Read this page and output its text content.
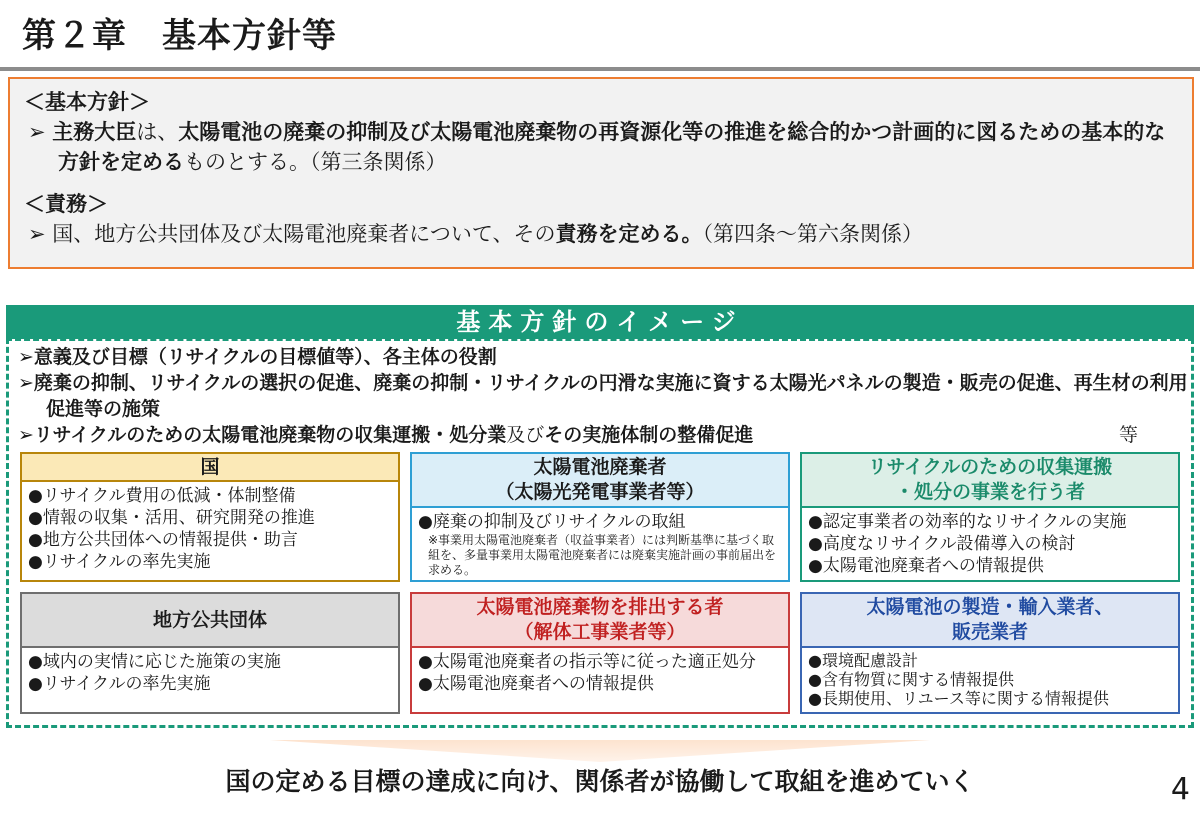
第２章　基本方針等
＜基本方針＞
➢ 主務大臣は、太陽電池の廃棄の抑制及び太陽電池廃棄物の再資源化等の推進を総合的かつ計画的に図るための基本的な方針を定めるものとする。（第三条関係）
＜責務＞
➢ 国、地方公共団体及び太陽電池廃棄者について、その責務を定める。（第四条～第六条関係）
基本方針のイメージ
➢意義及び目標（リサイクルの目標値等）、各主体の役割
➢廃棄の抑制、リサイクルの選択の促進、廃棄の抑制・リサイクルの円滑な実施に資する太陽光パネルの製造・販売の促進、再生材の利用促進等の施策
➢リサイクルのための太陽電池廃棄物の収集運搬・処分業及びその実施体制の整備促進	等
国
●リサイクル費用の低減・体制整備
●情報の収集・活用、研究開発の推進
●地方公共団体への情報提供・助言
●リサイクルの率先実施
太陽電池廃棄者
（太陽光発電事業者等）
●廃棄の抑制及びリサイクルの取組
※事業用太陽電池廃棄者（収益事業者）には判断基準に基づく取組を、多量事業用太陽電池廃棄者には廃棄実施計画の事前届出を求める。
リサイクルのための収集運搬
・処分の事業を行う者
●認定事業者の効率的なリサイクルの実施
●高度なリサイクル設備導入の検討
●太陽電池廃棄者への情報提供
地方公共団体
●域内の実情に応じた施策の実施
●リサイクルの率先実施
太陽電池廃棄物を排出する者
（解体工事業者等）
●太陽電池廃棄者の指示等に従った適正処分
●太陽電池廃棄者への情報提供
太陽電池の製造・輸入業者、
販売業者
●環境配慮設計
●含有物質に関する情報提供
●長期使用、リユース等に関する情報提供
国の定める目標の達成に向け、関係者が協働して取組を進めていく	4
